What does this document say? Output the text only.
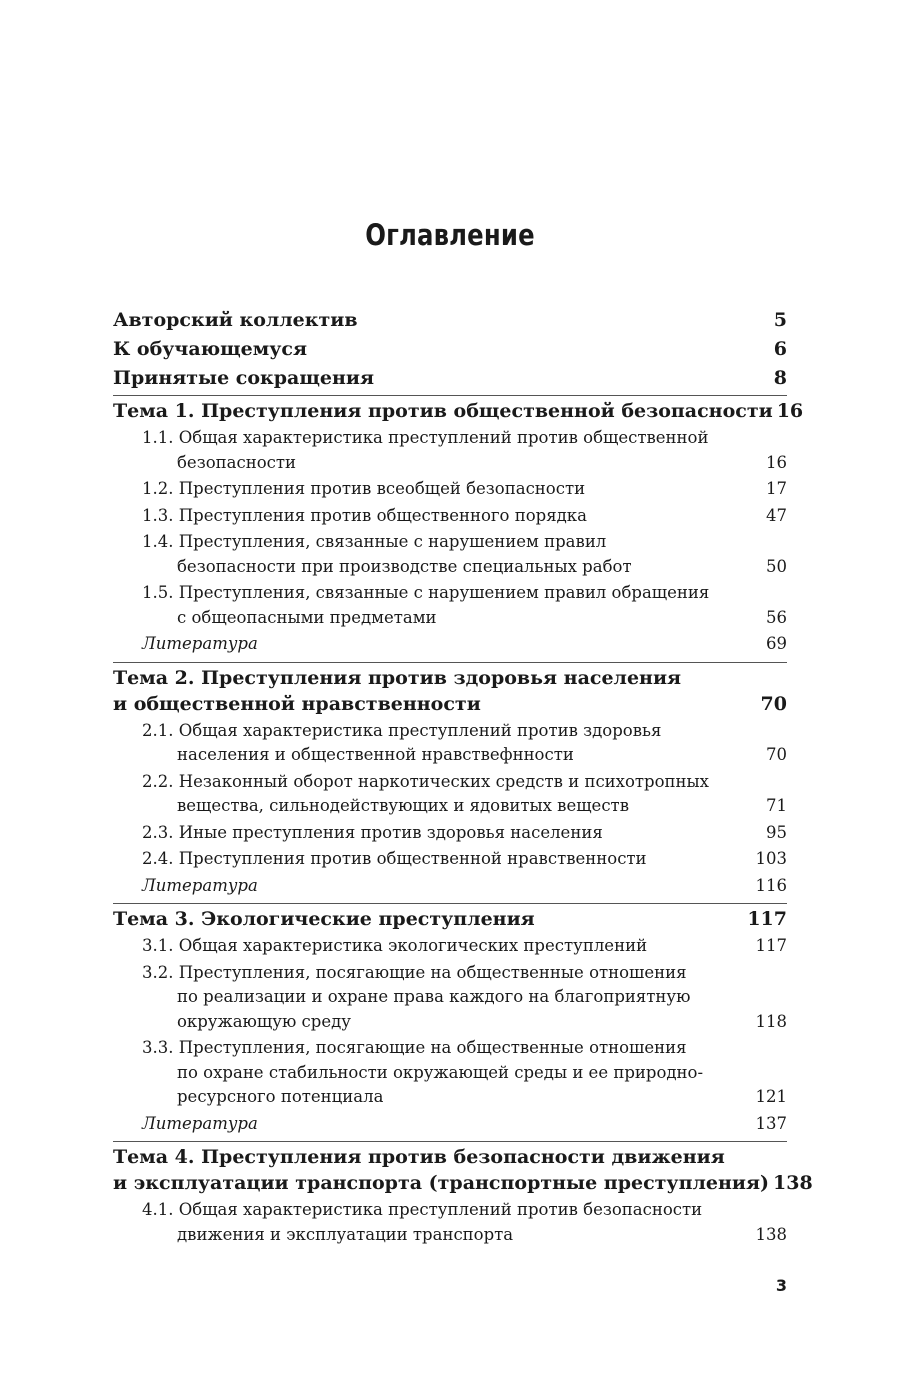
Оглавление
Авторский коллектив	5
К обучающемуся	6
Принятые сокращения	8
Тема 1. Преступления против общественной безопасности 16
1.1. Общая характеристика преступлений против общественной
безопасности	16
1.2. Преступления против всеобщей безопасности	17
1.3. Преступления против общественного порядка	47
1.4. Преступления, связанные с нарушением правил
безопасности при производстве специальных работ	50
1.5. Преступления, связанные с нарушением правил обращения
с общеопасными предметами	56
Литература	69
Тема 2. Преступления против здоровья населения
и общественной нравственности	70
2.1. Общая характеристика преступлений против здоровья
населения и общественной нравствефнности	70
2.2. Незаконный оборот наркотических средств и психотропных
вещества, сильнодействующих и ядовитых веществ	71
2.3. Иные преступления против здоровья населения	95
2.4. Преступления против общественной нравственности	103
Литература	116
Тема 3. Экологические преступления	117
3.1. Общая характеристика экологических преступлений	117
3.2. Преступления, посягающие на общественные отношения
по реализации и охране права каждого на благоприятную
окружающую среду	118
3.3. Преступления, посягающие на общественные отношения
по охране стабильности окружающей среды и ее природно-
ресурсного потенциала	121
Литература	137
Тема 4. Преступления против безопасности движения
и эксплуатации транспорта (транспортные преступления) 138
4.1. Общая характеристика преступлений против безопасности
движения и эксплуатации транспорта	138
3
